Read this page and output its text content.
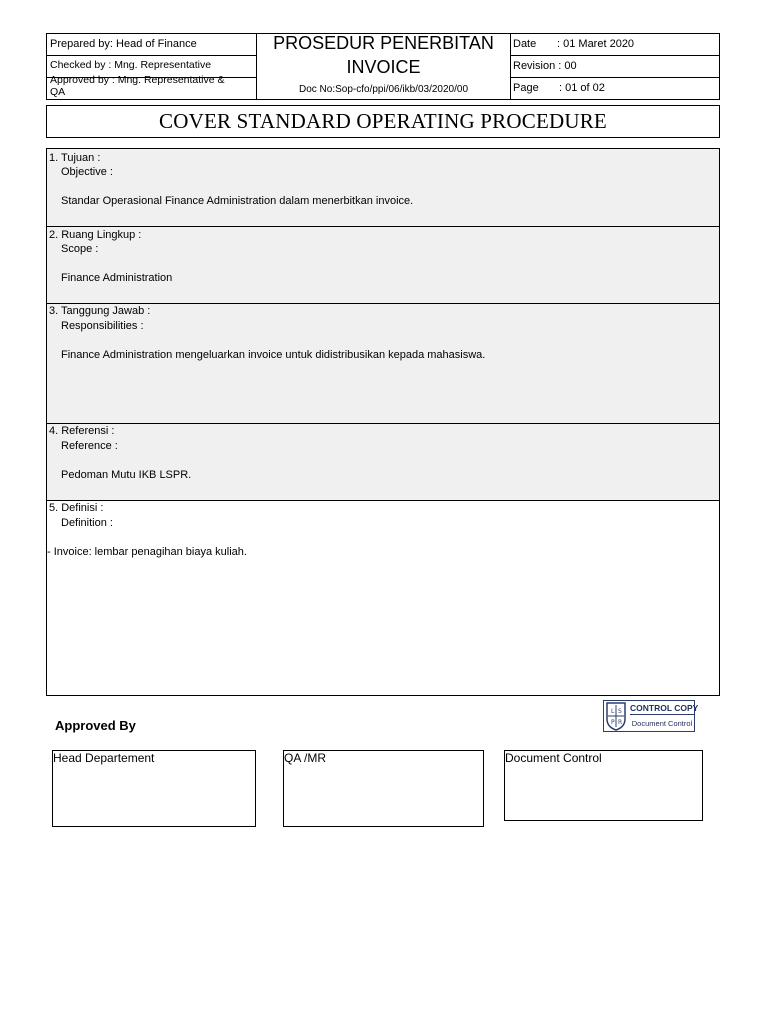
Prepared by: Head of Finance
Checked by : Mng. Representative
Approved by : Mng. Representative &
QA
PROSEDUR PENERBITAN
INVOICE
Doc No:Sop-cfo/ppi/06/ikb/03/2020/00
Date : 01 Maret 2020
Revision : 00
Page : 01 of 02
COVER STANDARD OPERATING PROCEDURE
1. Tujuan :
Objective :
Standar Operasional Finance Administration dalam menerbitkan invoice.
2. Ruang Lingkup :
Scope :
Finance Administration
3. Tanggung Jawab :
Responsibilities :
Finance Administration mengeluarkan invoice untuk didistribusikan kepada mahasiswa.
4. Referensi :
Reference :
Pedoman Mutu IKB LSPR.
5. Definisi :
Definition :
- Invoice: lembar penagihan biaya kuliah.
Approved By
L S
P R
CONTROL COPY
Document Control
Head Departement	QA /MR	Document Control
